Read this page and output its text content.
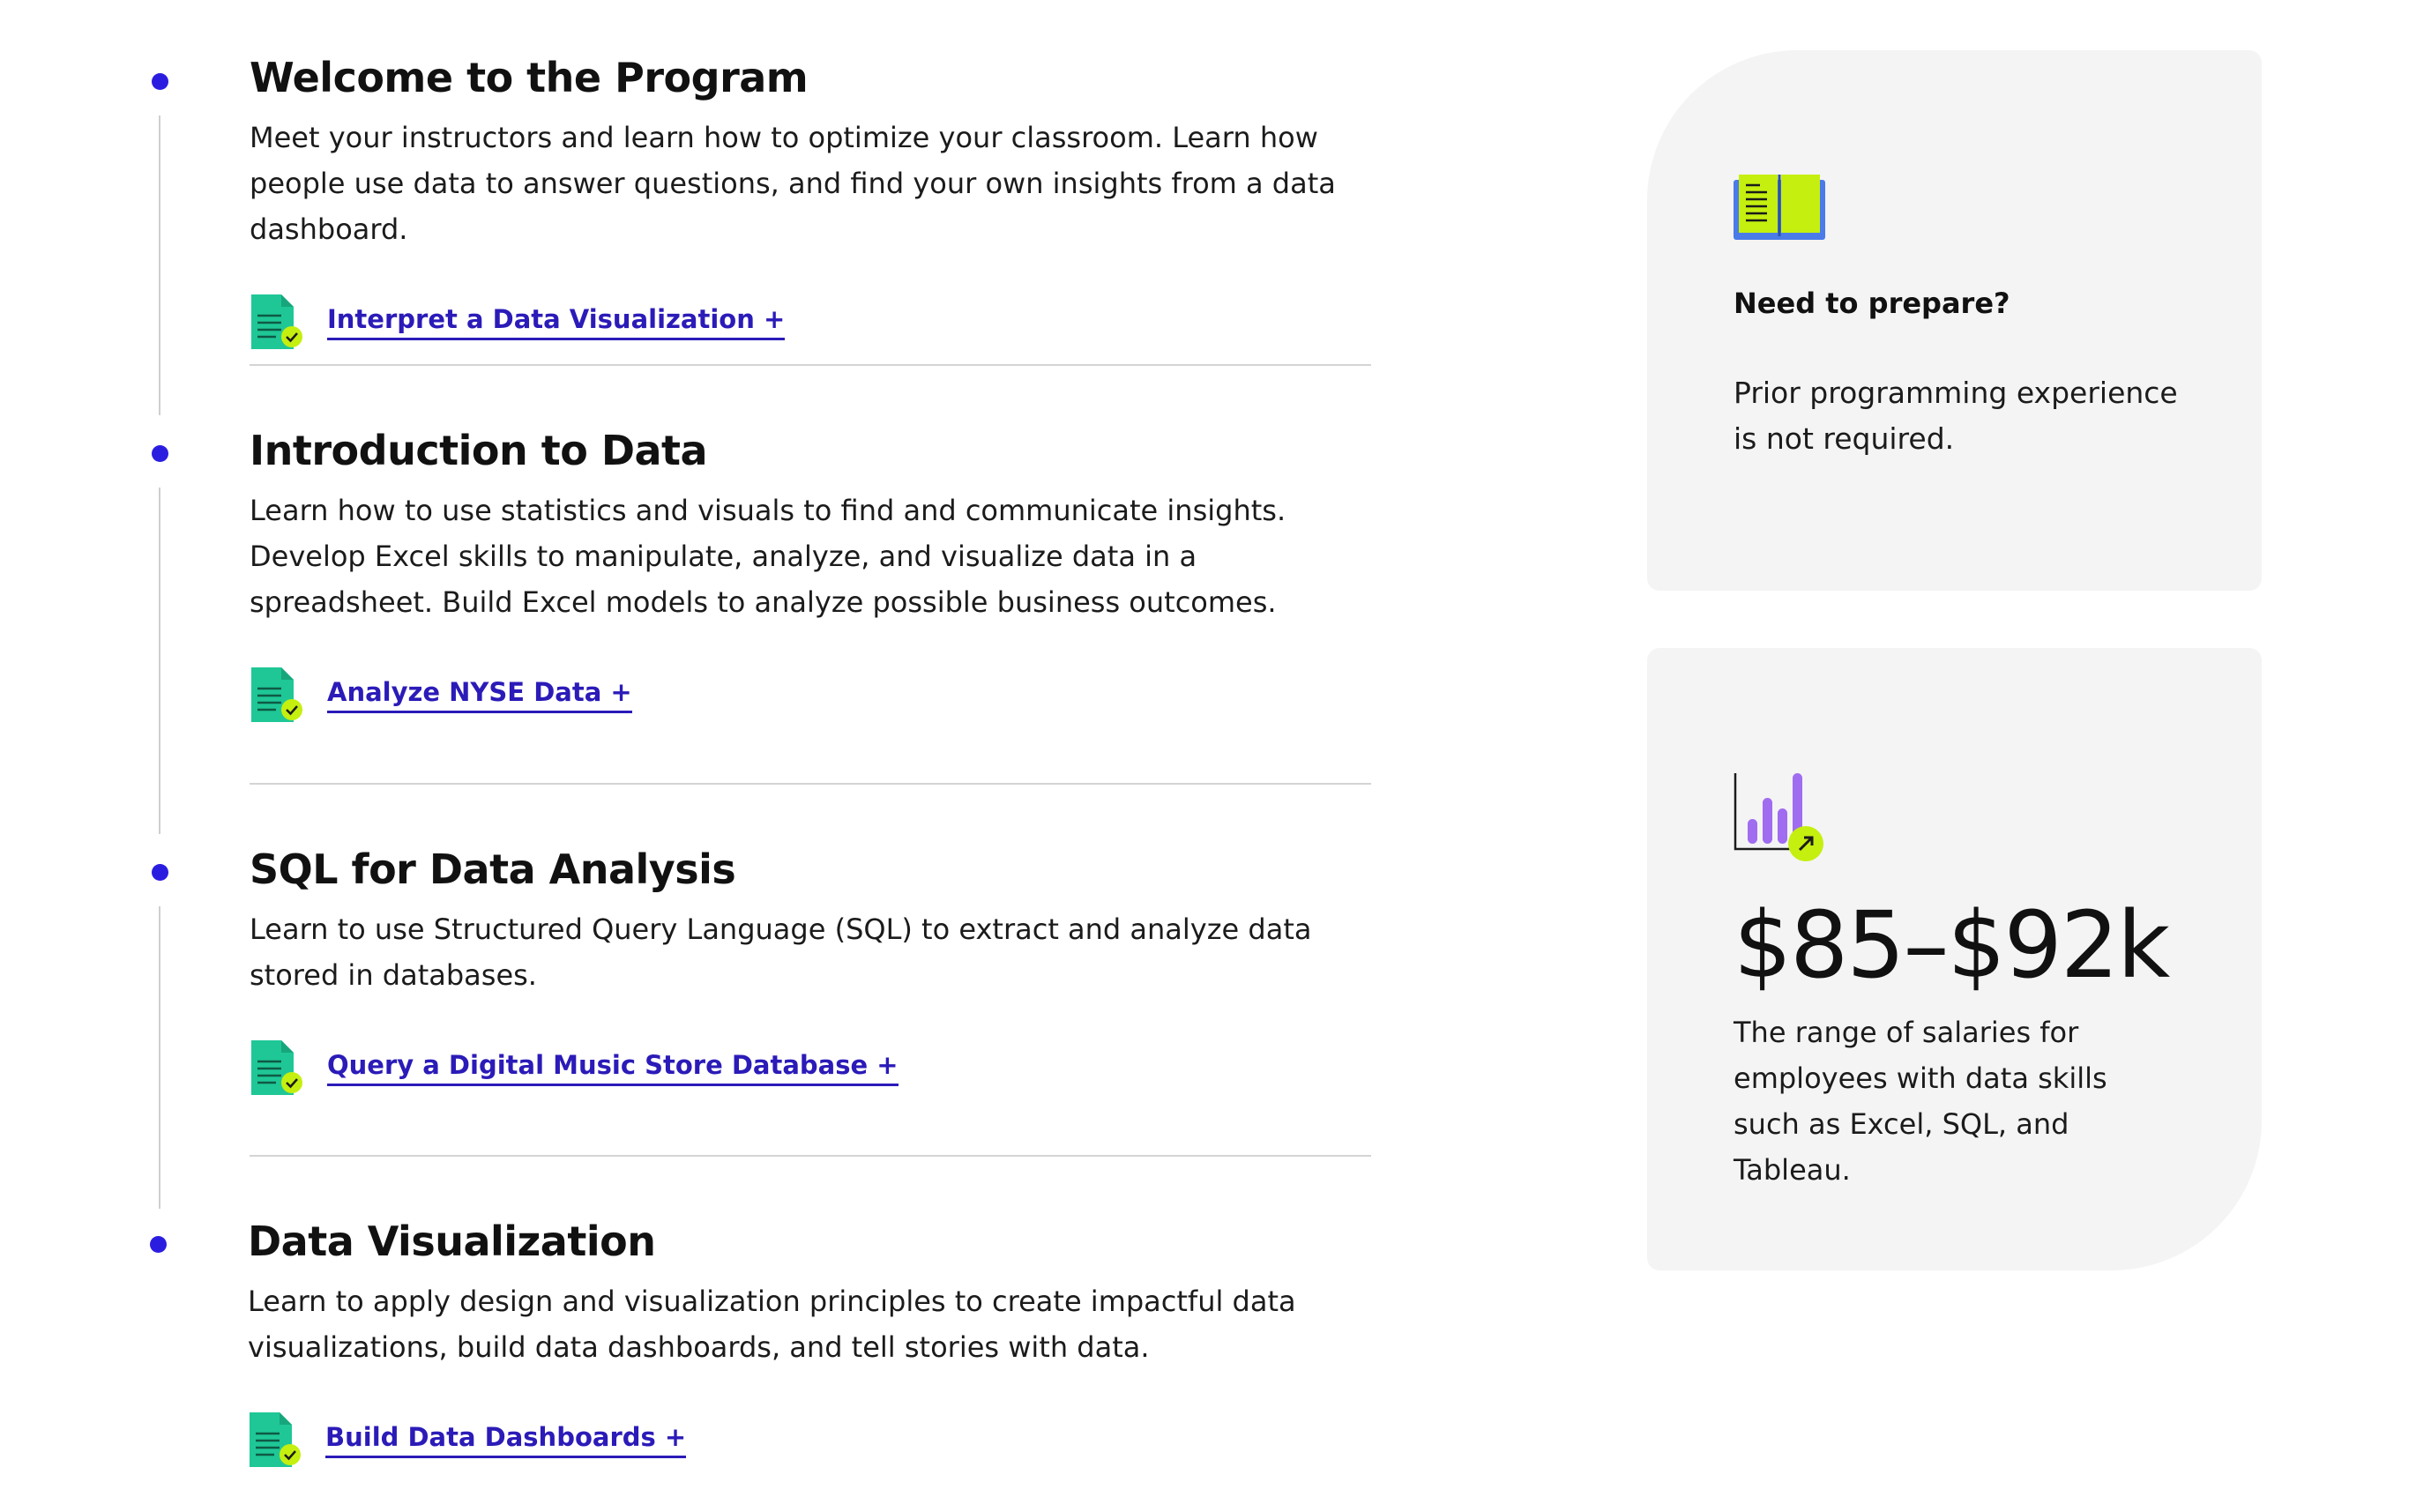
Welcome to the Program

Meet your instructors and learn how to optimize your classroom. Learn how people use data to answer questions, and find your own insights from a data dashboard.

Interpret a Data Visualization +
Introduction to Data

Learn how to use statistics and visuals to find and communicate insights. Develop Excel skills to manipulate, analyze, and visualize data in a spreadsheet. Build Excel models to analyze possible business outcomes.

Analyze NYSE Data +
SQL for Data Analysis

Learn to use Structured Query Language (SQL) to extract and analyze data stored in databases.

Query a Digital Music Store Database +
Data Visualization

Learn to apply design and visualization principles to create impactful data visualizations, build data dashboards, and tell stories with data.

Build Data Dashboards +
Need to prepare?
Prior programming experience is not required.
$85–$92k
The range of salaries for employees with data skills such as Excel, SQL, and Tableau.
